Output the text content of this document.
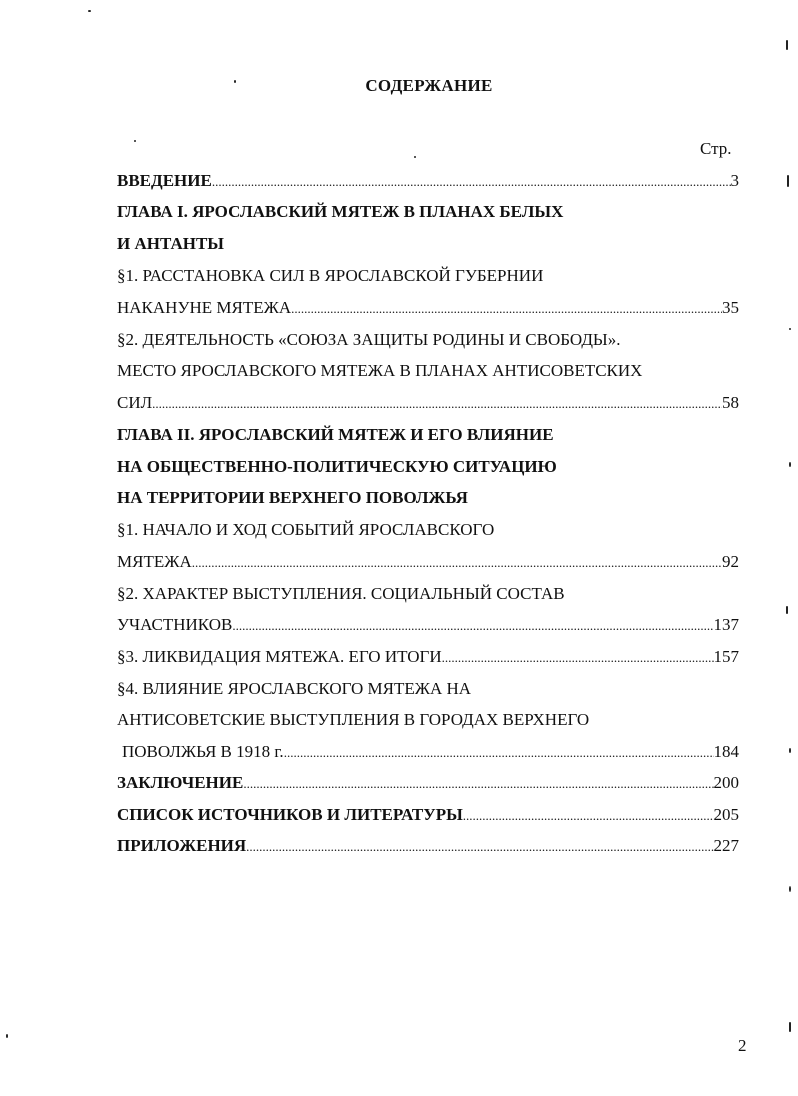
СОДЕРЖАНИЕ
Стр.
ВВЕДЕНИЕ .....	3
ГЛАВА I. ЯРОСЛАВСКИЙ МЯТЕЖ В ПЛАНАХ БЕЛЫХ
И АНТАНТЫ
§1. РАССТАНОВКА СИЛ В ЯРОСЛАВСКОЙ ГУБЕРНИИ
НАКАНУНЕ МЯТЕЖА .....	35
§2. ДЕЯТЕЛЬНОСТЬ «СОЮЗА ЗАЩИТЫ РОДИНЫ И СВОБОДЫ».
МЕСТО ЯРОСЛАВСКОГО МЯТЕЖА В ПЛАНАХ АНТИСОВЕТСКИХ
СИЛ .....	58
ГЛАВА II. ЯРОСЛАВСКИЙ МЯТЕЖ И ЕГО ВЛИЯНИЕ
НА ОБЩЕСТВЕННО-ПОЛИТИЧЕСКУЮ СИТУАЦИЮ
НА ТЕРРИТОРИИ ВЕРХНЕГО ПОВОЛЖЬЯ
§1. НАЧАЛО И ХОД СОБЫТИЙ ЯРОСЛАВСКОГО
МЯТЕЖА .....	92
§2. ХАРАКТЕР ВЫСТУПЛЕНИЯ. СОЦИАЛЬНЫЙ СОСТАВ
УЧАСТНИКОВ .....	137
§3. ЛИКВИДАЦИЯ МЯТЕЖА. ЕГО ИТОГИ .....	157
§4. ВЛИЯНИЕ ЯРОСЛАВСКОГО МЯТЕЖА НА
АНТИСОВЕТСКИЕ ВЫСТУПЛЕНИЯ В ГОРОДАХ ВЕРХНЕГО
ПОВОЛЖЬЯ В 1918 г. .....	184
ЗАКЛЮЧЕНИЕ .....	200
СПИСОК ИСТОЧНИКОВ И ЛИТЕРАТУРЫ .....	205
ПРИЛОЖЕНИЯ .....	227
2
